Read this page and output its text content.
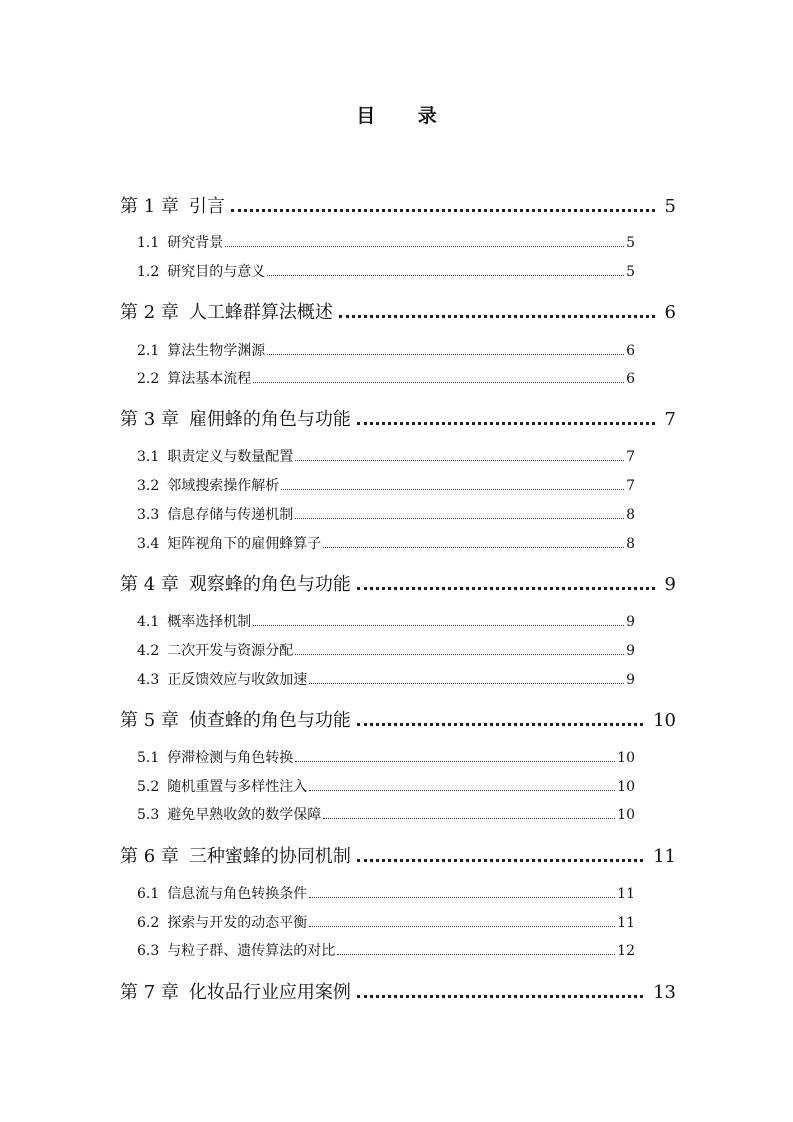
目 录
第 1 章 引言	5
1.1 研究背景	5
1.2 研究目的与意义	5
第 2 章 人工蜂群算法概述	6
2.1 算法生物学渊源	6
2.2 算法基本流程	6
第 3 章 雇佣蜂的角色与功能	7
3.1 职责定义与数量配置	7
3.2 邻域搜索操作解析	7
3.3 信息存储与传递机制	8
3.4 矩阵视角下的雇佣蜂算子	8
第 4 章 观察蜂的角色与功能	9
4.1 概率选择机制	9
4.2 二次开发与资源分配	9
4.3 正反馈效应与收敛加速	9
第 5 章 侦查蜂的角色与功能	10
5.1 停滞检测与角色转换	10
5.2 随机重置与多样性注入	10
5.3 避免早熟收敛的数学保障	10
第 6 章 三种蜜蜂的协同机制	11
6.1 信息流与角色转换条件	11
6.2 探索与开发的动态平衡	11
6.3 与粒子群、遗传算法的对比	12
第 7 章 化妆品行业应用案例	13
